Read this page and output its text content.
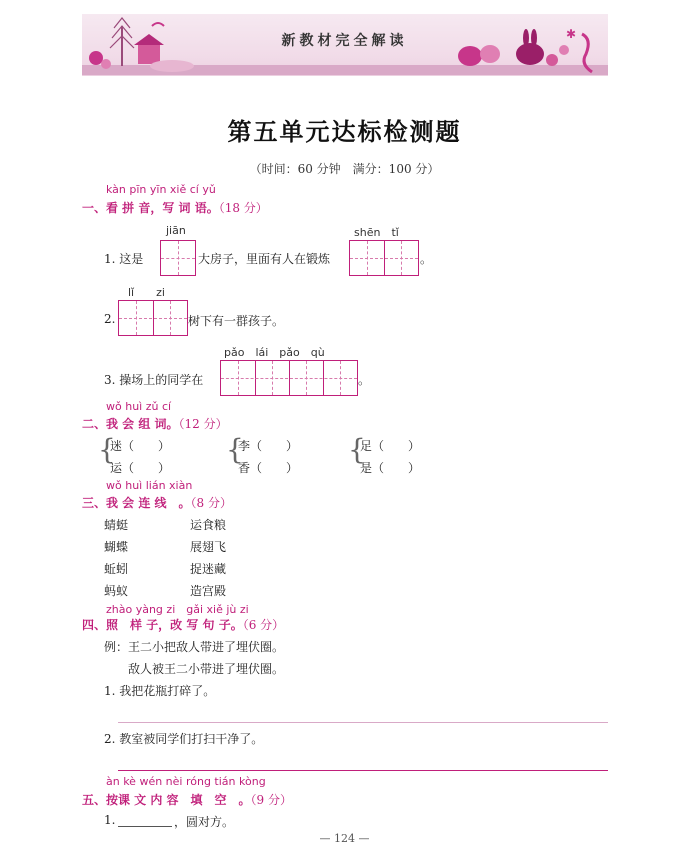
✱
新教材完全解读
第五单元达标检测题
（时间：60 分钟　满分：100 分）
kàn pīn yīn xiě cí yǔ
一、看 拼 音，写 词 语。（18 分）
jiān	shēn　tǐ
1. 这是	大房子，里面有人在锻炼	。
lǐ　　zi
2.	树下有一群孩子。
pǎo　lái　pǎo　qù
3. 操场上的同学在	。
wǒ huì zǔ cí
二、我 会 组 词。（12 分）
{
迷（　　）
运（　　）
{
李（　　）
香（　　）
{
足（　　）
是（　　）
wǒ huì lián xiàn
三、我 会 连 线　。（8 分）
蜻蜓
蝴蝶
蚯蚓
蚂蚁
运食粮
展翅飞
捉迷藏
造宫殿
zhào yàng zi　gǎi xiě jù zi
四、照　样 子，改 写 句 子。（6 分）
例：王二小把敌人带进了埋伏圈。
敌人被王二小带进了埋伏圈。
1. 我把花瓶打碎了。
2. 教室被同学们打扫干净了。
àn kè wén nèi róng tián kòng
五、按课 文 内 容　填　空　。（9 分）
1.	，圆对方。
— 124 —
